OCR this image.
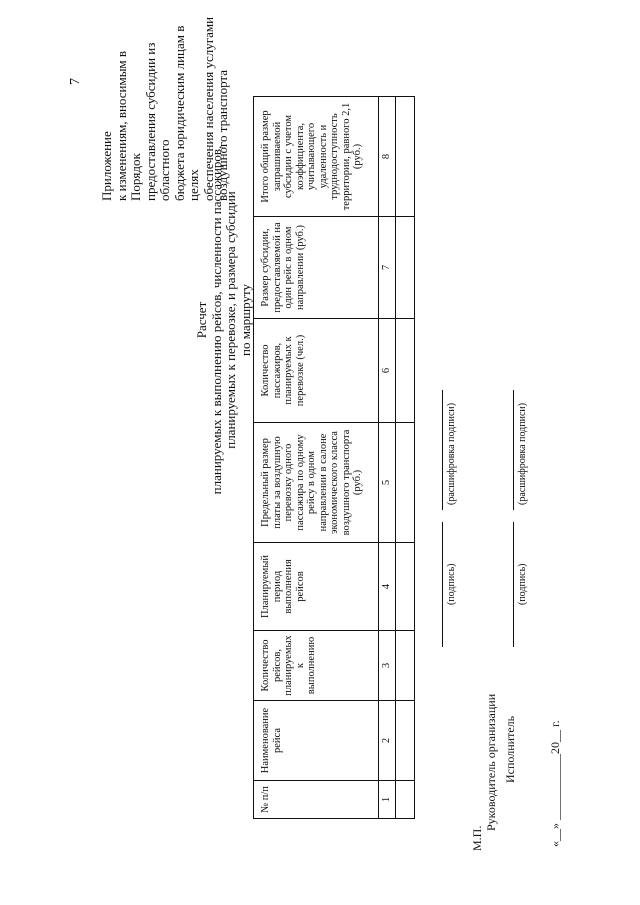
7
Приложение к изменениям, вносимым в Порядок предоставления субсидии из областного бюджета юридическим лицам в целях обеспечения населения услугами воздушного транспорта
Расчет планируемых к выполнению рейсов, численности пассажиров, планируемых к перевозке, и размера субсидии по маршруту
№ п/п	Наименование рейса	Количество рейсов, планируемых к выполнению	Планируемый период выполнения рейсов	Предельный размер платы за воздушную перевозку одного пассажира по одному рейсу в одном направлении в салоне экономического класса воздушного транспорта (руб.)	Количество пассажиров, планируемых к перевозке (чел.)	Размер субсидии, предоставляемой на один рейс в одном направлении (руб.)	Итого общий размер запрашиваемой субсидии с учетом коэффициента, учитывающего удаленность и труднодоступность территории, равного 2,1 (руб.)
1	2	3	4	5	6	7	8

Руководитель организации
(подпись)
(расшифровка подписи)
М.П.
Исполнитель
(подпись)
(расшифровка подписи)
«__» ___________20__ г.
